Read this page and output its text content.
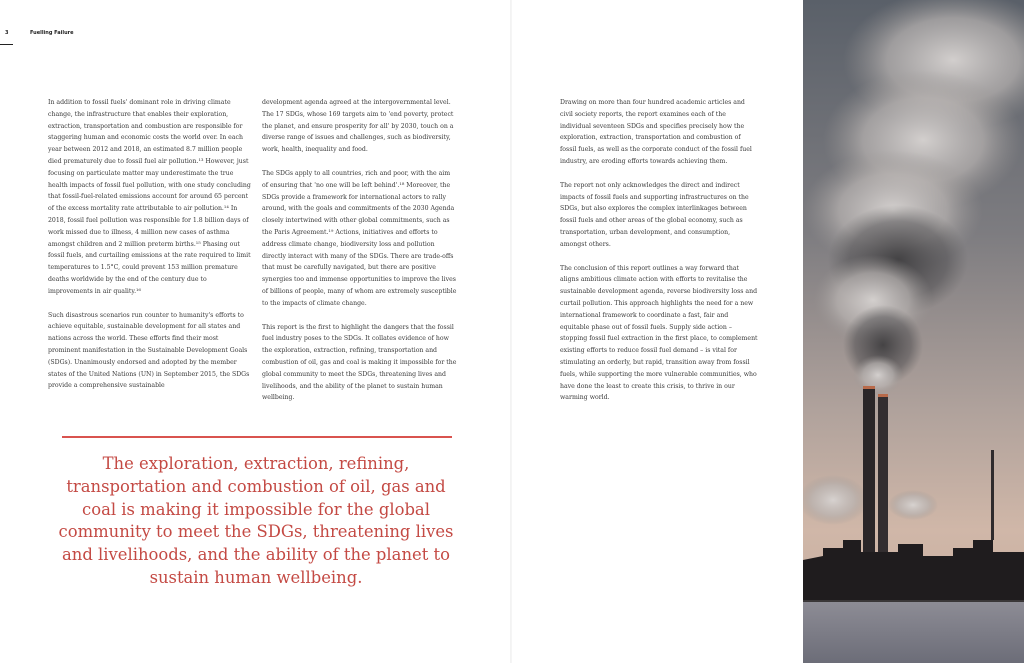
3	Fuelling Failure

In addition to fossil fuels' dominant role in driving climate change, the infrastructure that enables their exploration, extraction, transportation and combustion are responsible for staggering human and economic costs the world over. In each year between 2012 and 2018, an estimated 8.7 million people died prematurely due to fossil fuel air pollution.¹³ However, just focusing on particulate matter may underestimate the true health impacts of fossil fuel pollution, with one study concluding that fossil-fuel-related emissions account for around 65 percent of the excess mortality rate attributable to air pollution.¹⁴ In 2018, fossil fuel pollution was responsible for 1.8 billion days of work missed due to illness, 4 million new cases of asthma amongst children and 2 million preterm births.¹⁵ Phasing out fossil fuels, and curtailing emissions at the rate required to limit temperatures to 1.5°C, could prevent 153 million premature deaths worldwide by the end of the century due to improvements in air quality.¹⁶

Such disastrous scenarios run counter to humanity's efforts to achieve equitable, sustainable development for all states and nations across the world. These efforts find their most prominent manifestation in the Sustainable Development Goals (SDGs). Unanimously endorsed and adopted by the member states of the United Nations (UN) in September 2015, the SDGs provide a comprehensive sustainable

development agenda agreed at the intergovernmental level. The 17 SDGs, whose 169 targets aim to 'end poverty, protect the planet, and ensure prosperity for all' by 2030, touch on a diverse range of issues and challenges, such as biodiversity, work, health, inequality and food.

The SDGs apply to all countries, rich and poor, with the aim of ensuring that 'no one will be left behind'.¹⁸ Moreover, the SDGs provide a framework for international actors to rally around, with the goals and commitments of the 2030 Agenda closely intertwined with other global commitments, such as the Paris Agreement.¹⁹ Actions, initiatives and efforts to address climate change, biodiversity loss and pollution directly interact with many of the SDGs. There are trade-offs that must be carefully navigated, but there are positive synergies too and immense opportunities to improve the lives of billions of people, many of whom are extremely susceptible to the impacts of climate change.

This report is the first to highlight the dangers that the fossil fuel industry poses to the SDGs. It collates evidence of how the exploration, extraction, refining, transportation and combustion of oil, gas and coal is making it impossible for the global community to meet the SDGs, threatening lives and livelihoods, and the ability of the planet to sustain human wellbeing.

The exploration, extraction, refining, transportation and combustion of oil, gas and coal is making it impossible for the global community to meet the SDGs, threatening lives and livelihoods, and the ability of the planet to sustain human wellbeing.

Drawing on more than four hundred academic articles and civil society reports, the report examines each of the individual seventeen SDGs and specifies precisely how the exploration, extraction, transportation and combustion of fossil fuels, as well as the corporate conduct of the fossil fuel industry, are eroding efforts towards achieving them.

The report not only acknowledges the direct and indirect impacts of fossil fuels and supporting infrastructures on the SDGs, but also explores the complex interlinkages between fossil fuels and other areas of the global economy, such as transportation, urban development, and consumption, amongst others.

The conclusion of this report outlines a way forward that aligns ambitious climate action with efforts to revitalise the sustainable development agenda, reverse biodiversity loss and curtail pollution. This approach highlights the need for a new international framework to coordinate a fast, fair and equitable phase out of fossil fuels. Supply side action – stopping fossil fuel extraction in the first place, to complement existing efforts to reduce fossil fuel demand – is vital for stimulating an orderly, but rapid, transition away from fossil fuels, while supporting the more vulnerable communities, who have done the least to create this crisis, to thrive in our warming world.
